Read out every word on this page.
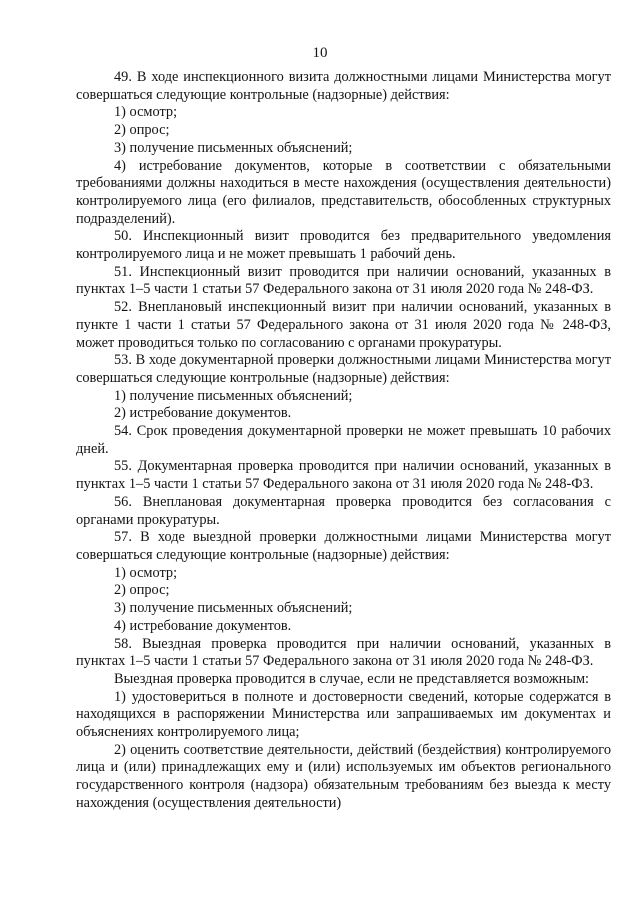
10

49. В ходе инспекционного визита должностными лицами Министерства могут совершаться следующие контрольные (надзорные) действия:

1) осмотр;

2) опрос;

3) получение письменных объяснений;

4) истребование документов, которые в соответствии с обязательными требованиями должны находиться в месте нахождения (осуществления деятельности) контролируемого лица (его филиалов, представительств, обособленных структурных подразделений).

50. Инспекционный визит проводится без предварительного уведомления контролируемого лица и не может превышать 1 рабочий день.

51. Инспекционный визит проводится при наличии оснований, указанных в пунктах 1–5 части 1 статьи 57 Федерального закона от 31 июля 2020 года № 248-ФЗ.

52. Внеплановый инспекционный визит при наличии оснований, указанных в пункте 1 части 1 статьи 57 Федерального закона от 31 июля 2020 года № 248-ФЗ, может проводиться только по согласованию с органами прокуратуры.

53. В ходе документарной проверки должностными лицами Министерства могут совершаться следующие контрольные (надзорные) действия:

1) получение письменных объяснений;

2) истребование документов.

54. Срок проведения документарной проверки не может превышать 10 рабочих дней.

55. Документарная проверка проводится при наличии оснований, указанных в пунктах 1–5 части 1 статьи 57 Федерального закона от 31 июля 2020 года № 248-ФЗ.

56. Внеплановая документарная проверка проводится без согласования с органами прокуратуры.

57. В ходе выездной проверки должностными лицами Министерства могут совершаться следующие контрольные (надзорные) действия:

1) осмотр;

2) опрос;

3) получение письменных объяснений;

4) истребование документов.

58. Выездная проверка проводится при наличии оснований, указанных в пунктах 1–5 части 1 статьи 57 Федерального закона от 31 июля 2020 года № 248-ФЗ.

Выездная проверка проводится в случае, если не представляется возможным:

1) удостовериться в полноте и достоверности сведений, которые содержатся в находящихся в распоряжении Министерства или запрашиваемых им документах и объяснениях контролируемого лица;

2) оценить соответствие деятельности, действий (бездействия) контролируемого лица и (или) принадлежащих ему и (или) используемых им объектов регионального государственного контроля (надзора) обязательным требованиям без выезда к месту нахождения (осуществления деятельности)
